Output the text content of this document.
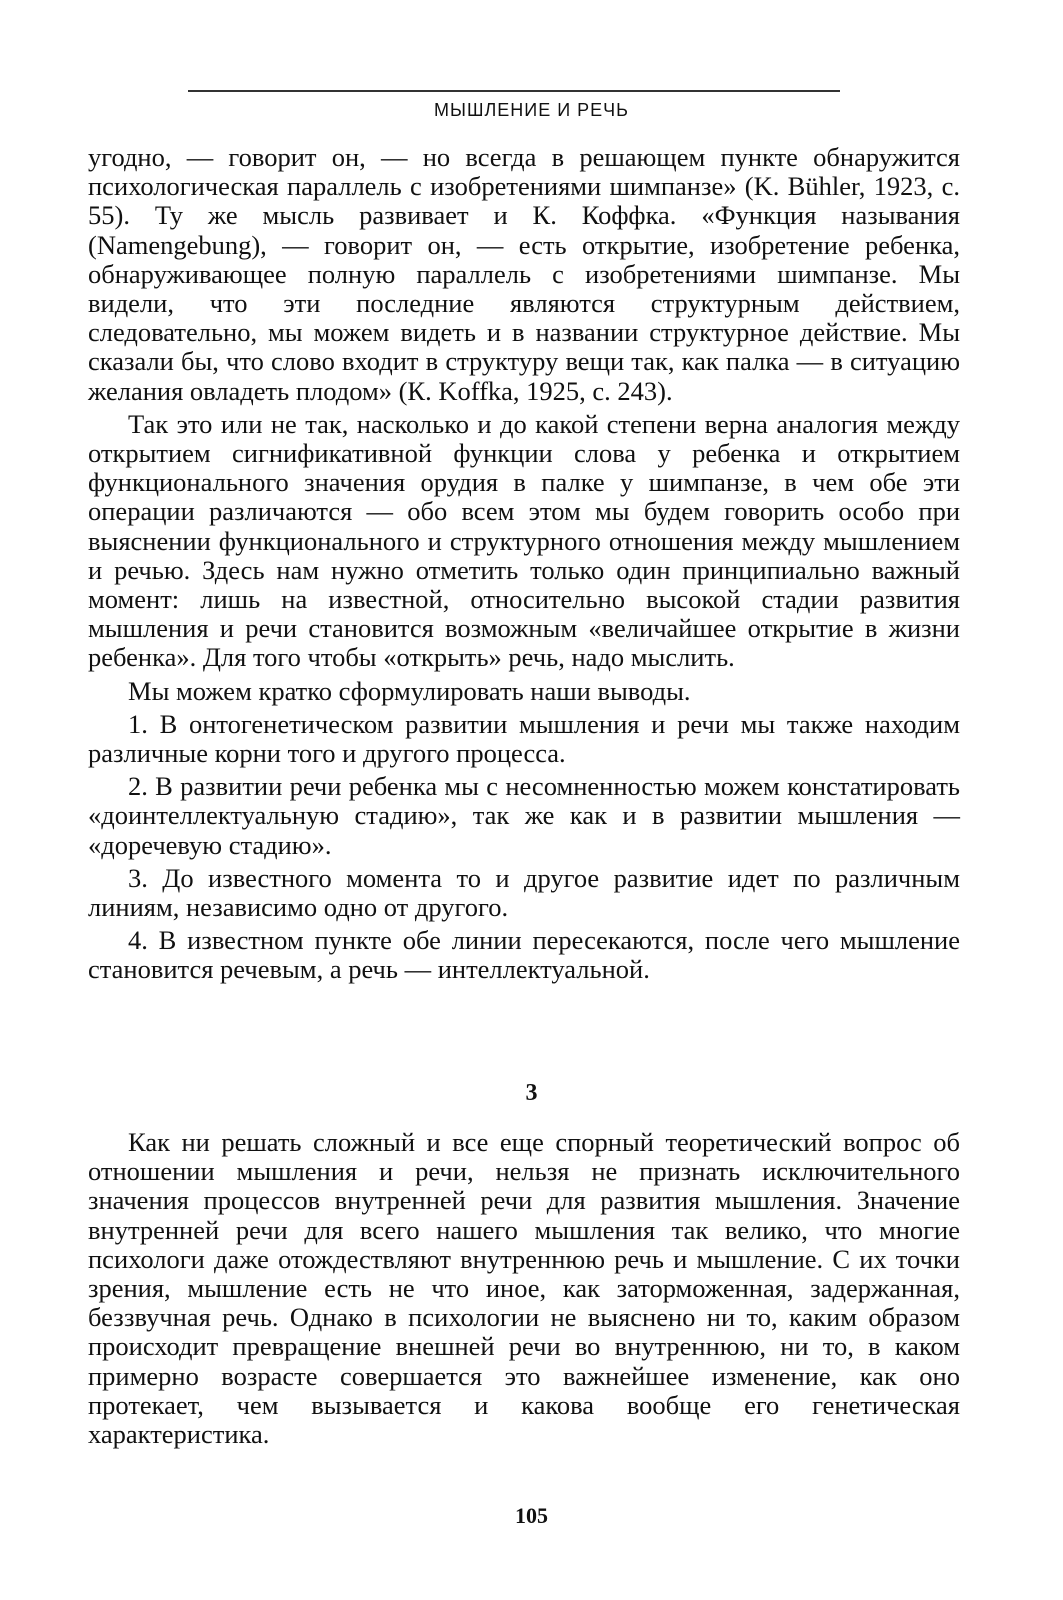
МЫШЛЕНИЕ И РЕЧЬ

угодно, — говорит он, — но всегда в решающем пункте обнаружится психологическая параллель с изобретениями шимпанзе» (K. Bühler, 1923, с. 55). Ту же мысль развивает и К. Коффка. «Функция называния (Namengebung), — говорит он, — есть открытие, изобретение ребенка, обнаруживающее полную параллель с изобретениями шимпанзе. Мы видели, что эти последние являются структурным действием, следовательно, мы можем видеть и в названии структурное действие. Мы сказали бы, что слово входит в структуру вещи так, как палка — в ситуацию желания овладеть плодом» (К. Koffka, 1925, с. 243).

Так это или не так, насколько и до какой степени верна аналогия между открытием сигнификативной функции слова у ребенка и открытием функционального значения орудия в палке у шимпанзе, в чем обе эти операции различаются — обо всем этом мы будем говорить особо при выяснении функционального и структурного отношения между мышлением и речью. Здесь нам нужно отметить только один принципиально важный момент: лишь на известной, относительно высокой стадии развития мышления и речи становится возможным «величайшее открытие в жизни ребенка». Для того чтобы «открыть» речь, надо мыслить.

Мы можем кратко сформулировать наши выводы.

1. В онтогенетическом развитии мышления и речи мы также находим различные корни того и другого процесса.

2. В развитии речи ребенка мы с несомненностью можем констатировать «доинтеллектуальную стадию», так же как и в развитии мышления — «доречевую стадию».

3. До известного момента то и другое развитие идет по различным линиям, независимо одно от другого.

4. В известном пункте обе линии пересекаются, после чего мышление становится речевым, а речь — интеллектуальной.

3

Как ни решать сложный и все еще спорный теоретический вопрос об отношении мышления и речи, нельзя не признать исключительного значения процессов внутренней речи для развития мышления. Значение внутренней речи для всего нашего мышления так велико, что многие психологи даже отождествляют внутреннюю речь и мышление. С их точки зрения, мышление есть не что иное, как заторможенная, задержанная, беззвучная речь. Однако в психологии не выяснено ни то, каким образом происходит превращение внешней речи во внутреннюю, ни то, в каком примерно возрасте совершается это важнейшее изменение, как оно протекает, чем вызывается и какова вообще его генетическая характеристика.

105
